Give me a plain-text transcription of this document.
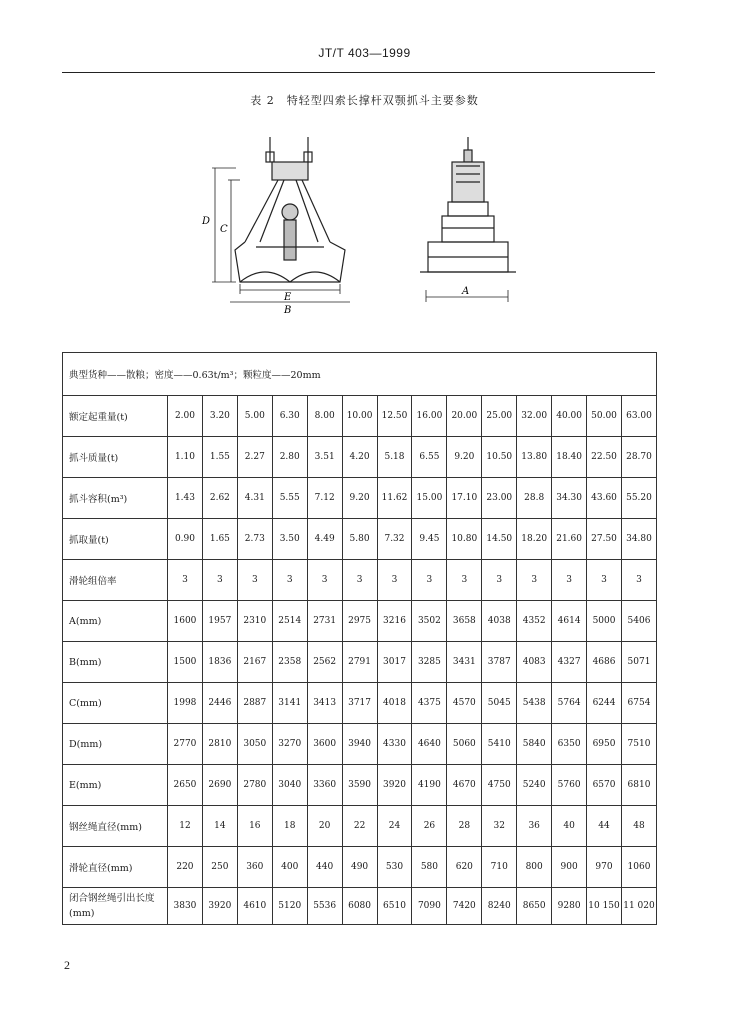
JT/T 403—1999
表 2　特轻型四索长撑杆双颚抓斗主要参数
D
C
E
B
A
典型货种——散粮；密度——0.63t/m³；颗粒度——20mm														
额定起重量(t)	2.00	3.20	5.00	6.30	8.00	10.00	12.50	16.00	20.00	25.00	32.00	40.00	50.00	63.00
抓斗质量(t)	1.10	1.55	2.27	2.80	3.51	4.20	5.18	6.55	9.20	10.50	13.80	18.40	22.50	28.70
抓斗容积(m³)	1.43	2.62	4.31	5.55	7.12	9.20	11.62	15.00	17.10	23.00	28.8	34.30	43.60	55.20
抓取量(t)	0.90	1.65	2.73	3.50	4.49	5.80	7.32	9.45	10.80	14.50	18.20	21.60	27.50	34.80
滑轮组倍率	3	3	3	3	3	3	3	3	3	3	3	3	3	3
A(mm)	1600	1957	2310	2514	2731	2975	3216	3502	3658	4038	4352	4614	5000	5406
B(mm)	1500	1836	2167	2358	2562	2791	3017	3285	3431	3787	4083	4327	4686	5071
C(mm)	1998	2446	2887	3141	3413	3717	4018	4375	4570	5045	5438	5764	6244	6754
D(mm)	2770	2810	3050	3270	3600	3940	4330	4640	5060	5410	5840	6350	6950	7510
E(mm)	2650	2690	2780	3040	3360	3590	3920	4190	4670	4750	5240	5760	6570	6810
钢丝绳直径(mm)	12	14	16	18	20	22	24	26	28	32	36	40	44	48
滑轮直径(mm)	220	250	360	400	440	490	530	580	620	710	800	900	970	1060
闭合钢丝绳引出长度(mm)	3830	3920	4610	5120	5536	6080	6510	7090	7420	8240	8650	9280	10 150	11 020
2
